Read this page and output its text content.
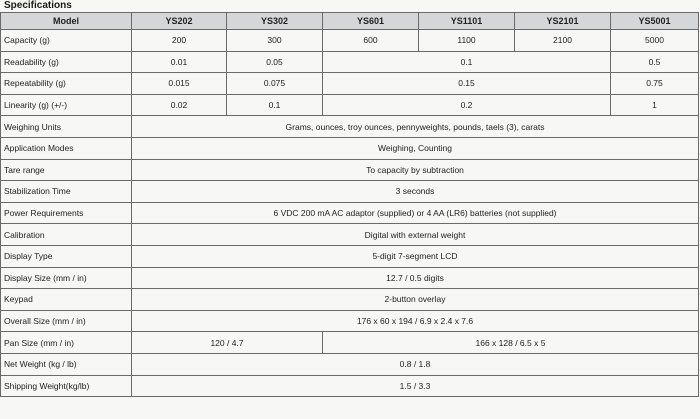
Specifications
Model	YS202	YS302	YS601	YS1101	YS2101	YS5001
Capacity (g)	200	300	600	1100	2100	5000
Readability (g)	0.01	0.05	0.1			0.5
Repeatability (g)	0.015	0.075	0.15			0.75
Linearity (g) (+/-)	0.02	0.1	0.2			1
Weighing Units	Grams, ounces, troy ounces, pennyweights, pounds, taels (3), carats					
Application Modes	Weighing, Counting					
Tare range	To capacity by subtraction					
Stabilization Time	3 seconds					
Power Requirements	6 VDC 200 mA AC adaptor (supplied) or 4 AA (LR6) batteries (not supplied)					
Calibration	Digital with external weight					
Display Type	5-digit 7-segment LCD					
Display Size (mm / in)	12.7 / 0.5 digits					
Keypad	2-button overlay					
Overall Size (mm / in)	176 x 60 x 194 / 6.9 x 2.4 x 7.6					
Pan Size (mm / in)	120 / 4.7		166 x 128 / 6.5 x 5			
Net Weight (kg / lb)	0.8 / 1.8					
Shipping Weight(kg/lb)	1.5 / 3.3					
